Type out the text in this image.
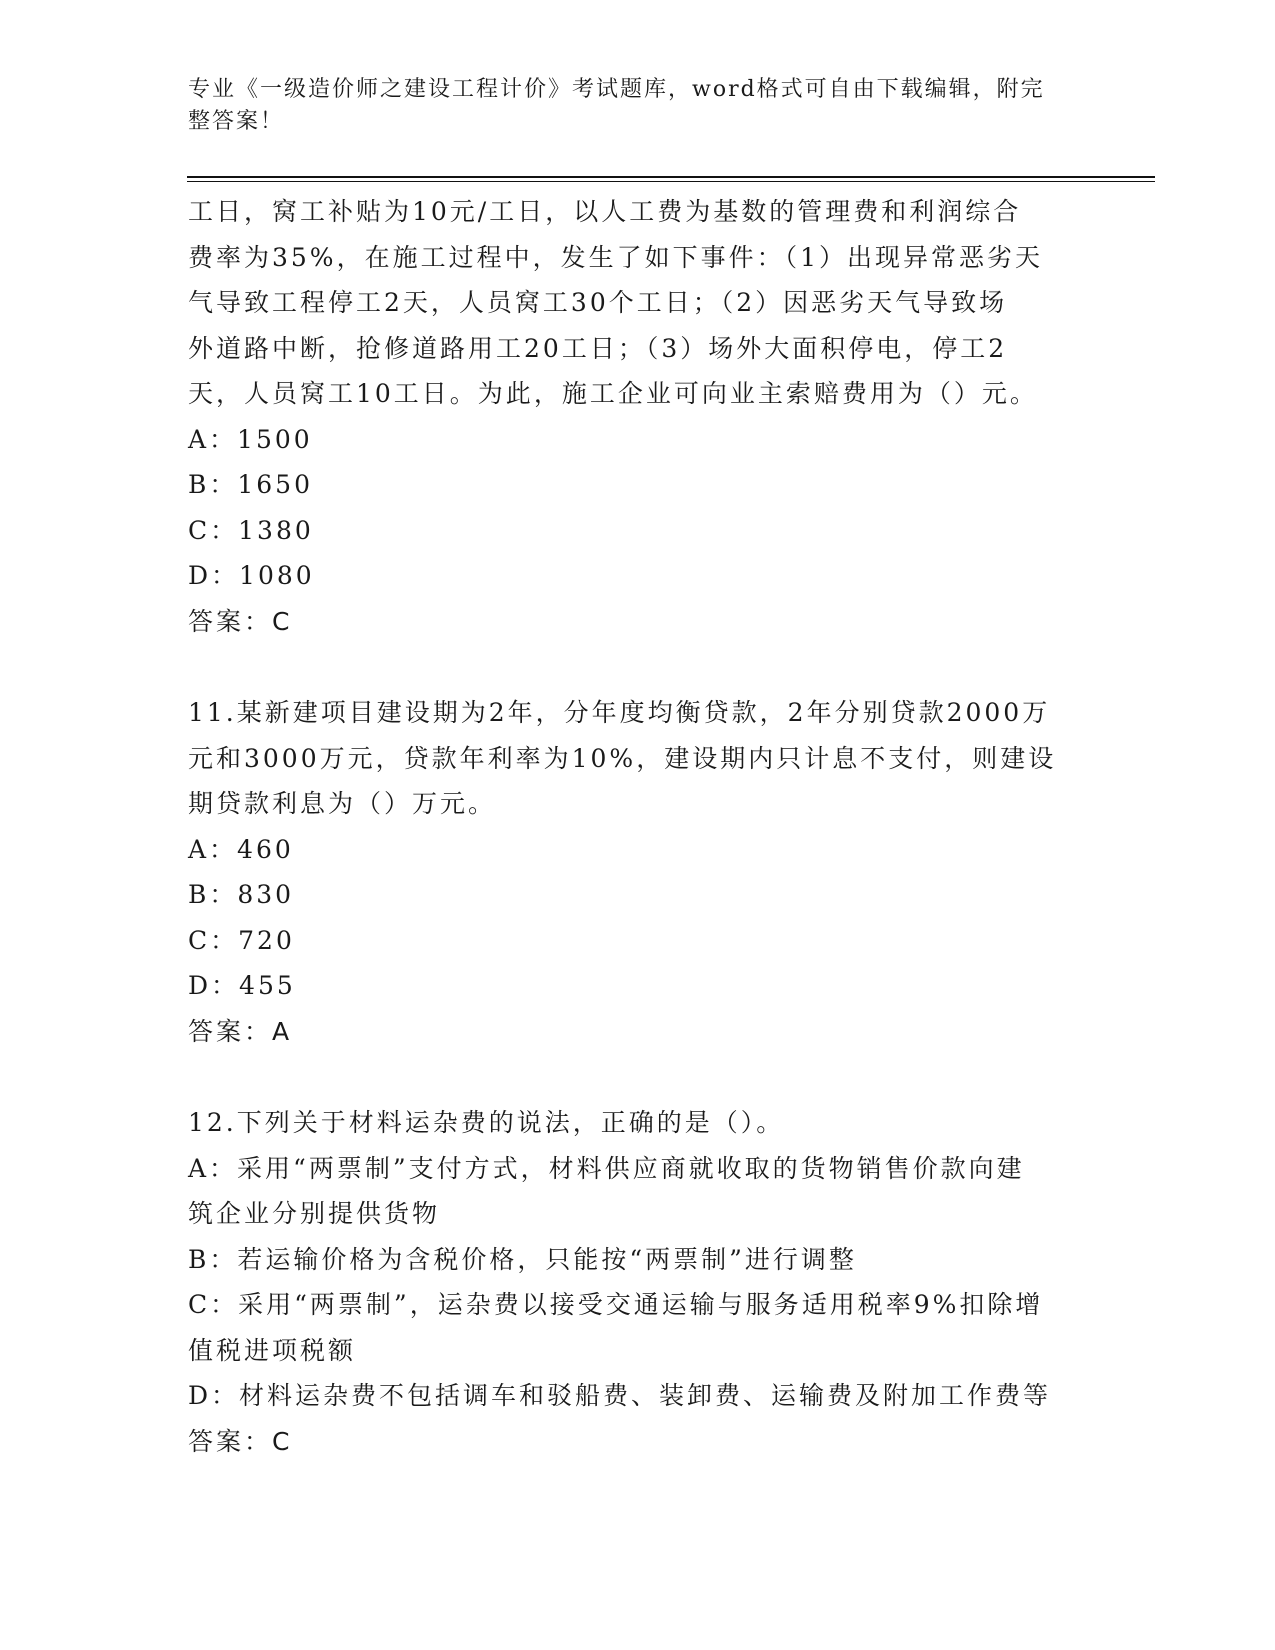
专业《一级造价师之建设工程计价》考试题库，word格式可自由下载编辑，附完
整答案！
工日，窝工补贴为10元/工日，以人工费为基数的管理费和利润综合
费率为35%，在施工过程中，发生了如下事件：（1）出现异常恶劣天
气导致工程停工2天，人员窝工30个工日；（2）因恶劣天气导致场
外道路中断，抢修道路用工20工日；（3）场外大面积停电，停工2
天，人员窝工10工日。为此，施工企业可向业主索赔费用为（）元。
A：1500
B：1650
C：1380
D：1080
答案：C
11.某新建项目建设期为2年，分年度均衡贷款，2年分别贷款2000万
元和3000万元，贷款年利率为10%，建设期内只计息不支付，则建设
期贷款利息为（）万元。
A：460
B：830
C：720
D：455
答案：A
12.下列关于材料运杂费的说法，正确的是（）。
A：采用“两票制”支付方式，材料供应商就收取的货物销售价款向建
筑企业分别提供货物
B：若运输价格为含税价格，只能按“两票制”进行调整
C：采用“两票制”，运杂费以接受交通运输与服务适用税率9%扣除增
值税进项税额
D：材料运杂费不包括调车和驳船费、装卸费、运输费及附加工作费等
答案：C
